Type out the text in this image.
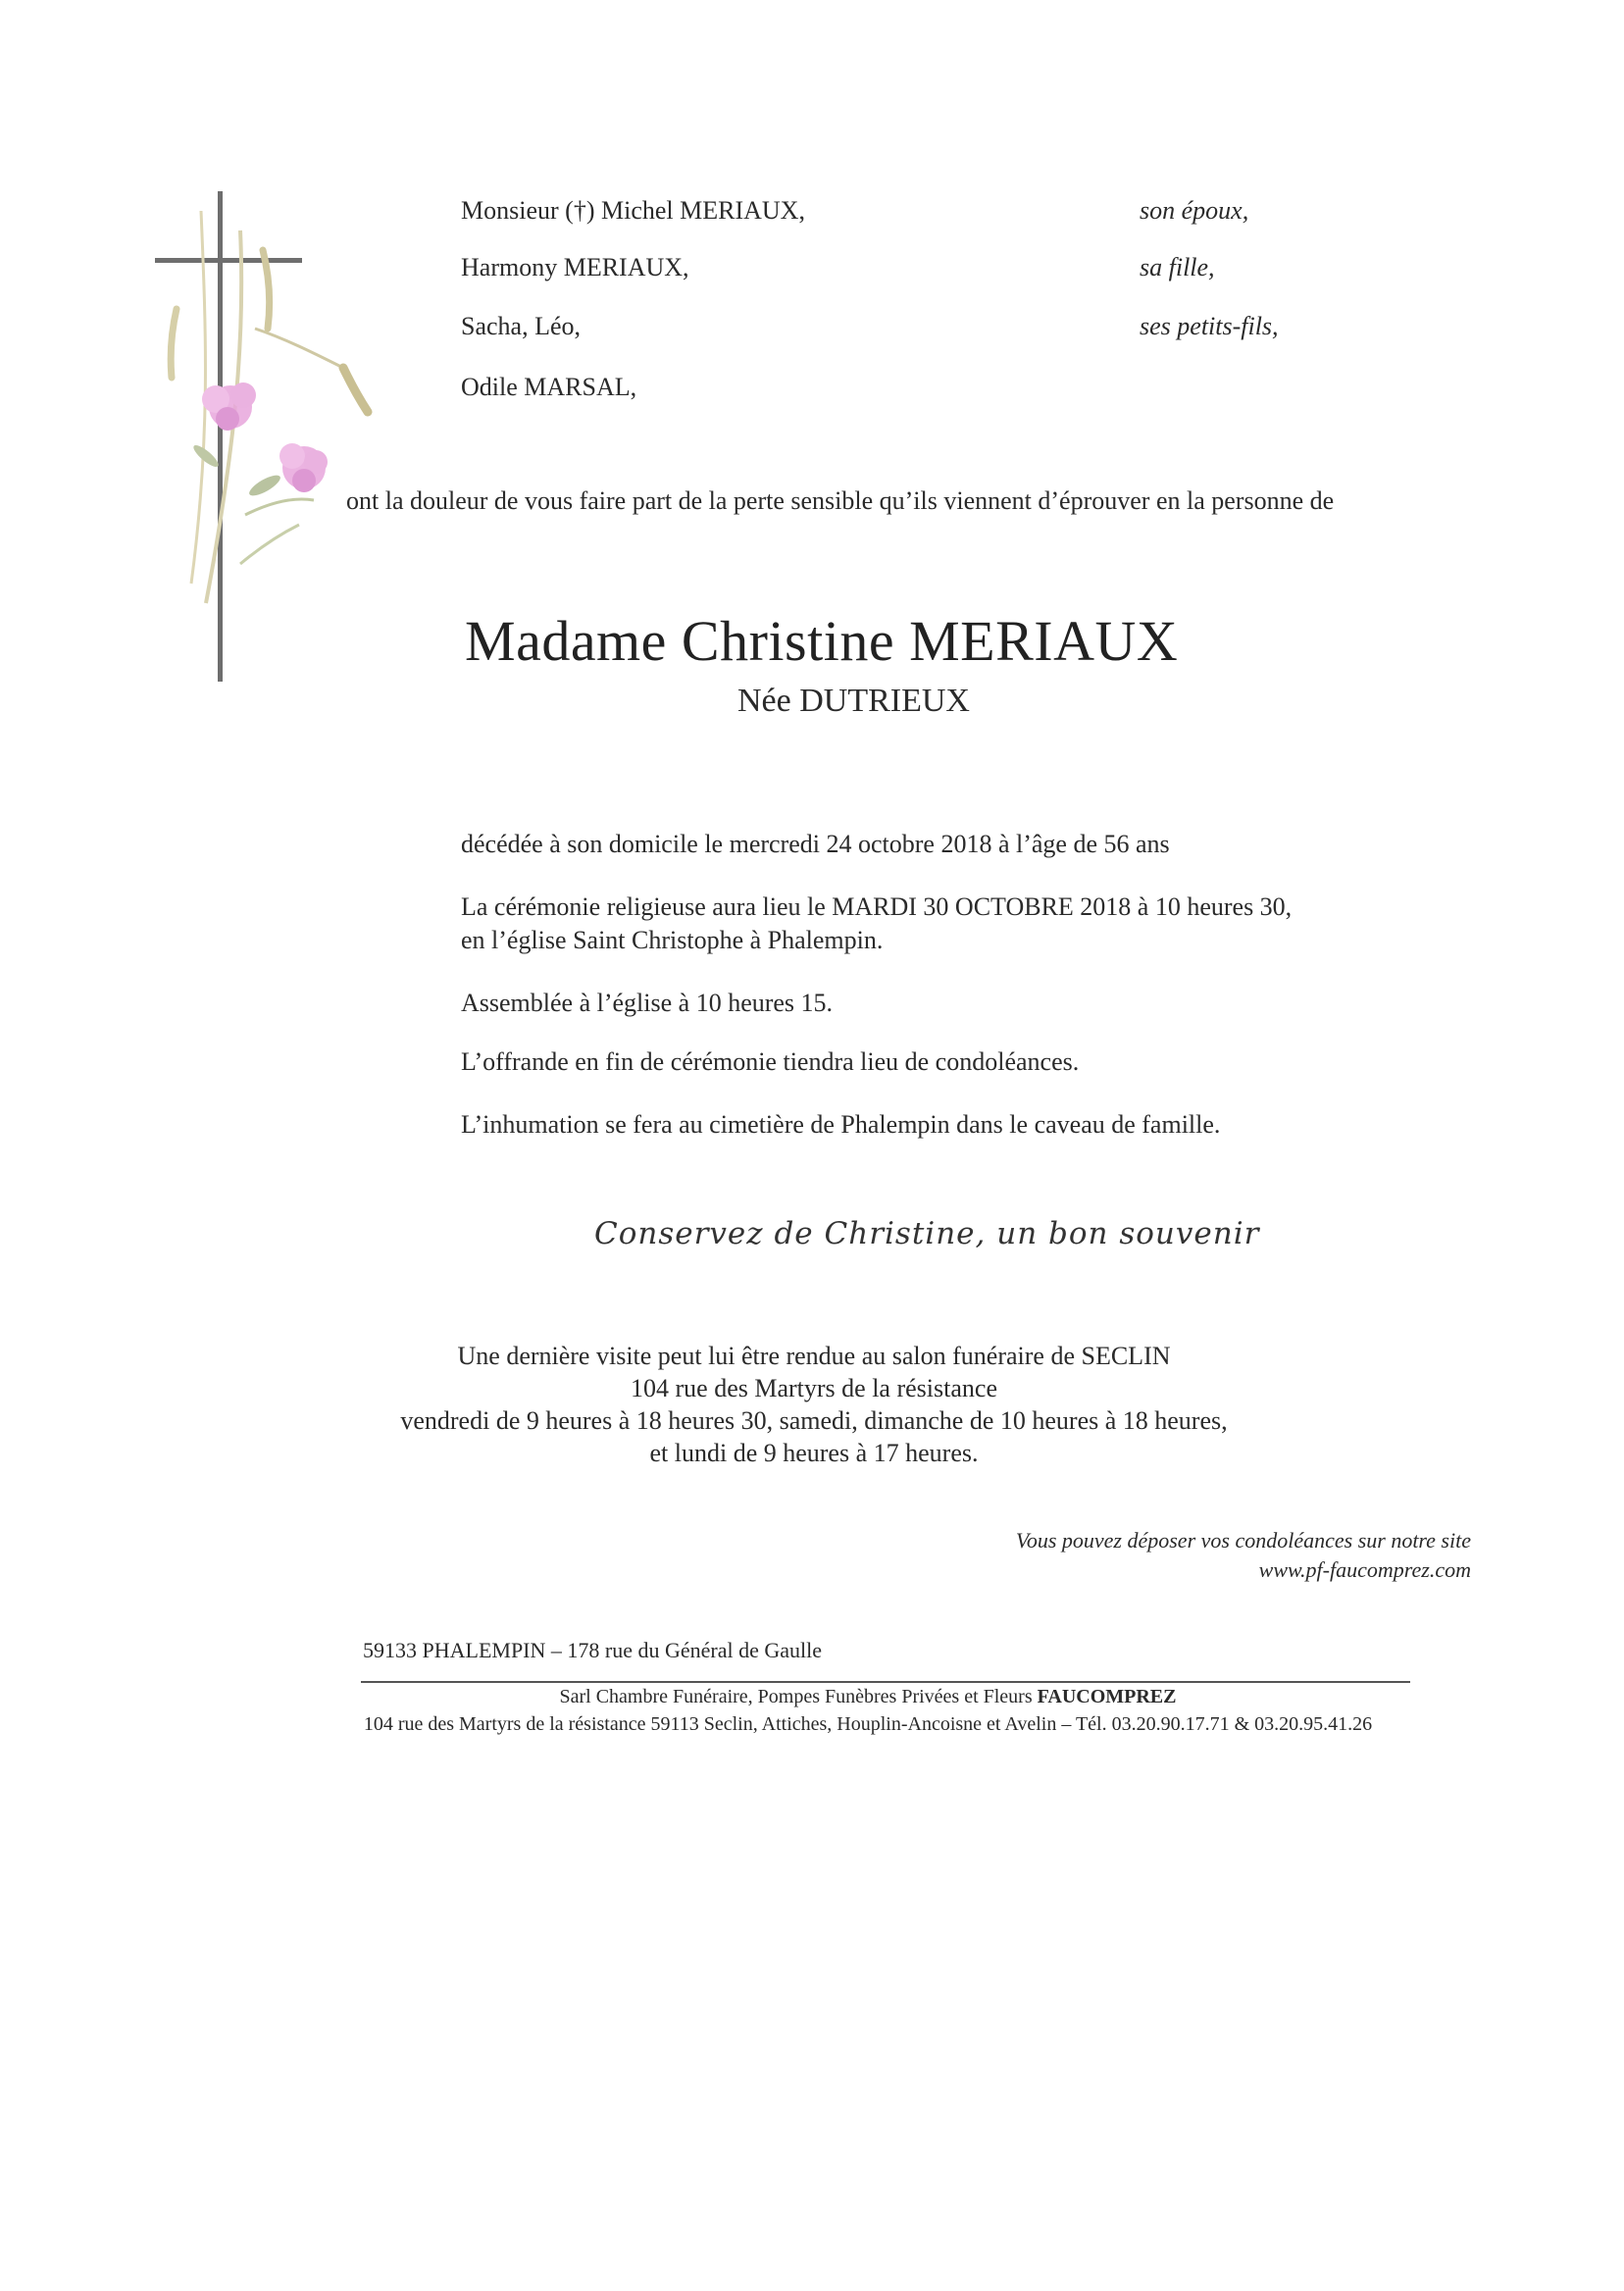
Monsieur (†) Michel MERIAUX,	son époux,
Harmony MERIAUX,	sa fille,
Sacha, Léo,	ses petits-fils,
Odile MARSAL,
ont la douleur de vous faire part de la perte sensible qu’ils viennent d’éprouver en la personne de
Madame Christine MERIAUX
Née DUTRIEUX
décédée à son domicile le mercredi 24 octobre 2018 à l’âge de 56 ans
La cérémonie religieuse aura lieu le MARDI 30 OCTOBRE 2018 à 10 heures 30,
en l’église Saint Christophe à Phalempin.
Assemblée à l’église à 10 heures 15.
L’offrande en fin de cérémonie tiendra lieu de condoléances.
L’inhumation se fera au cimetière de Phalempin dans le caveau de famille.
Conservez de Christine, un bon souvenir
Une dernière visite peut lui être rendue au salon funéraire de SECLIN
104 rue des Martyrs de la résistance
vendredi de 9 heures à 18 heures 30, samedi, dimanche de 10 heures à 18 heures,
et lundi de 9 heures à 17 heures.
Vous pouvez déposer vos condoléances sur notre site
www.pf-faucomprez.com
59133 PHALEMPIN – 178 rue du Général de Gaulle
Sarl Chambre Funéraire, Pompes Funèbres Privées et Fleurs FAUCOMPREZ
104 rue des Martyrs de la résistance 59113 Seclin, Attiches, Houplin-Ancoisne et Avelin – Tél. 03.20.90.17.71 & 03.20.95.41.26
